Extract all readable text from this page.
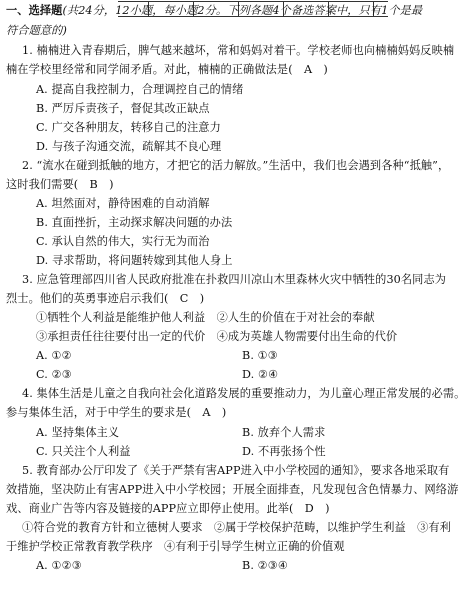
一、选择题(共24分，12小题，每小题2分。下列各题4个备选答案中，只有1个是最
符合题意的)
1. 楠楠进入青春期后，脾气越来越坏，常和妈妈对着干。学校老师也向楠楠妈妈反映楠
楠在学校里经常和同学闹矛盾。对此，楠楠的正确做法是(　A　)
A. 提高自我控制力，合理调控自己的情绪
B. 严厉斥责孩子，督促其改正缺点
C. 广交各种朋友，转移自己的注意力
D. 与孩子沟通交流，疏解其不良心理
2. “流水在碰到抵触的地方，才把它的活力解放。”生活中，我们也会遇到各种“抵触”，
这时我们需要(　B　)
A. 坦然面对，静待困难的自动消解
B. 直面挫折，主动探求解决问题的办法
C. 承认自然的伟大，实行无为而治
D. 寻求帮助，将问题转嫁到其他人身上
3. 应急管理部四川省人民政府批准在扑救四川凉山木里森林火灾中牺牲的30名同志为
烈士。他们的英勇事迹启示我们(　C　)
①牺牲个人利益是能维护他人利益　②人生的价值在于对社会的奉献
③承担责任往往要付出一定的代价　④成为英雄人物需要付出生命的代价
A. ①②	B. ①③
C. ②③	D. ②④
4. 集体生活是儿童之自我向社会化道路发展的重要推动力，为儿童心理正常发展的必需。
参与集体生活，对于中学生的要求是(　A　)
A. 坚持集体主义	B. 放弃个人需求
C. 只关注个人利益	D. 不再张扬个性
5. 教育部办公厅印发了《关于严禁有害APP进入中小学校园的通知》，要求各地采取有
效措施，坚决防止有害APP进入中小学校园；开展全面排查，凡发现包含色情暴力、网络游
戏、商业广告等内容及链接的APP应立即停止使用。此举(　D　)
①符合党的教育方针和立德树人要求　②属于学校保护范畴，以维护学生利益　③有利
于维护学校正常教育教学秩序　④有利于引导学生树立正确的价值观
A. ①②③	B. ②③④
